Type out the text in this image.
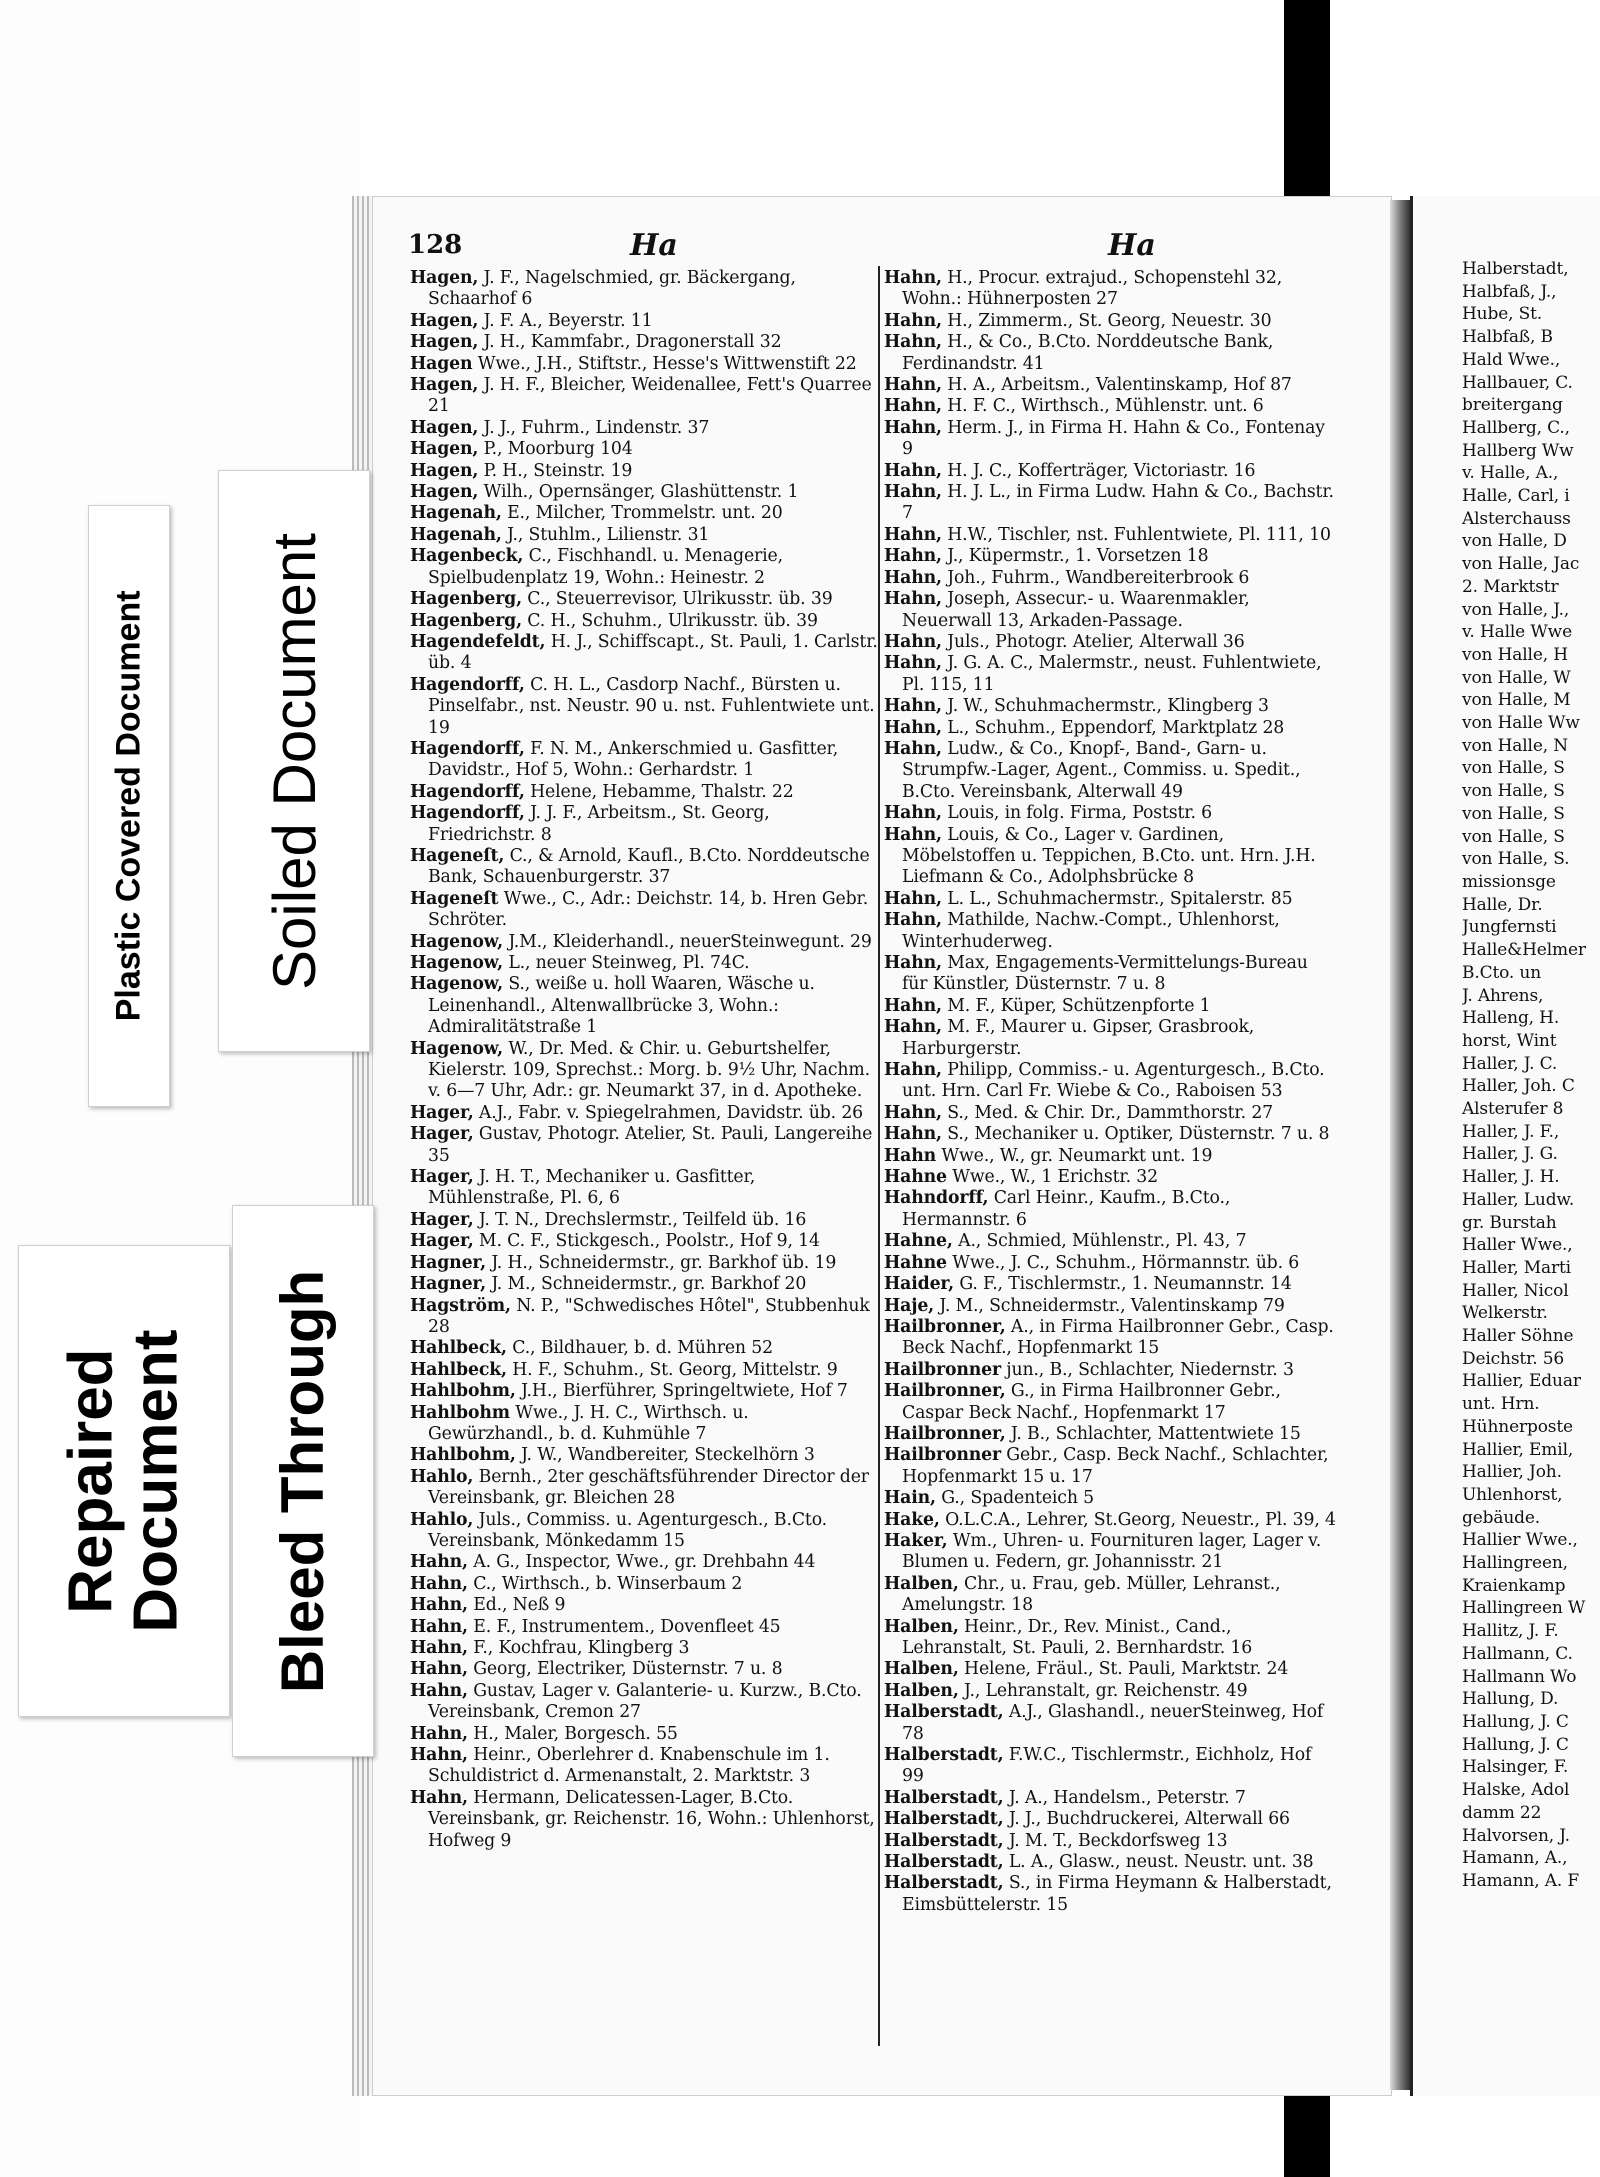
Plastic Covered Document Soiled Document
Repaired
Document Bleed Through
128	Ha	Ha
Hagen, J. F., Nagelschmied, gr. Bäckergang, Schaarhof 6
Hagen, J. F. A., Beyerstr. 11
Hagen, J. H., Kammfabr., Dragonerstall 32
Hagen Wwe., J.H., Stiftstr., Hesse's Wittwenstift 22
Hagen, J. H. F., Bleicher, Weidenallee, Fett's Quarree 21
Hagen, J. J., Fuhrm., Lindenstr. 37
Hagen, P., Moorburg 104
Hagen, P. H., Steinstr. 19
Hagen, Wilh., Opernsänger, Glashüttenstr. 1
Hagenah, E., Milcher, Trommelstr. unt. 20
Hagenah, J., Stuhlm., Lilienstr. 31
Hagenbeck, C., Fischhandl. u. Menagerie, Spielbudenplatz 19, Wohn.: Heinestr. 2
Hagenberg, C., Steuerrevisor, Ulrikusstr. üb. 39
Hagenberg, C. H., Schuhm., Ulrikusstr. üb. 39
Hagendefeldt, H. J., Schiffscapt., St. Pauli, 1. Carlstr. üb. 4
Hagendorff, C. H. L., Casdorp Nachf., Bürsten u. Pinselfabr., nst. Neustr. 90 u. nst. Fuhlentwiete unt. 19
Hagendorff, F. N. M., Ankerschmied u. Gasfitter, Davidstr., Hof 5, Wohn.: Gerhardstr. 1
Hagendorff, Helene, Hebamme, Thalstr. 22
Hagendorff, J. J. F., Arbeitsm., St. Georg, Friedrichstr. 8
Hageneſt, C., & Arnold, Kaufl., B.Cto. Norddeutsche Bank, Schauenburgerstr. 37
Hageneſt Wwe., C., Adr.: Deichstr. 14, b. Hren Gebr. Schröter.
Hagenow, J.M., Kleiderhandl., neuerSteinwegunt. 29
Hagenow, L., neuer Steinweg, Pl. 74C.
Hagenow, S., weiße u. holl Waaren, Wäsche u. Leinenhandl., Altenwallbrücke 3, Wohn.: Admiralitätstraße 1
Hagenow, W., Dr. Med. & Chir. u. Geburtshelfer, Kielerstr. 109, Sprechst.: Morg. b. 9½ Uhr, Nachm. v. 6—7 Uhr, Adr.: gr. Neumarkt 37, in d. Apotheke.
Hager, A.J., Fabr. v. Spiegelrahmen, Davidstr. üb. 26
Hager, Gustav, Photogr. Atelier, St. Pauli, Langereihe 35
Hager, J. H. T., Mechaniker u. Gasfitter, Mühlenstraße, Pl. 6, 6
Hager, J. T. N., Drechslermstr., Teilfeld üb. 16
Hager, M. C. F., Stickgesch., Poolstr., Hof 9, 14
Hagner, J. H., Schneidermstr., gr. Barkhof üb. 19
Hagner, J. M., Schneidermstr., gr. Barkhof 20
Hagström, N. P., "Schwedisches Hôtel", Stubbenhuk 28
Hahlbeck, C., Bildhauer, b. d. Mühren 52
Hahlbeck, H. F., Schuhm., St. Georg, Mittelstr. 9
Hahlbohm, J.H., Bierführer, Springeltwiete, Hof 7
Hahlbohm Wwe., J. H. C., Wirthsch. u. Gewürzhandl., b. d. Kuhmühle 7
Hahlbohm, J. W., Wandbereiter, Steckelhörn 3
Hahlo, Bernh., 2ter geschäftsführender Director der Vereinsbank, gr. Bleichen 28
Hahlo, Juls., Commiss. u. Agenturgesch., B.Cto. Vereinsbank, Mönkedamm 15
Hahn, A. G., Inspector, Wwe., gr. Drehbahn 44
Hahn, C., Wirthsch., b. Winserbaum 2
Hahn, Ed., Neß 9
Hahn, E. F., Instrumentem., Dovenfleet 45
Hahn, F., Kochfrau, Klingberg 3
Hahn, Georg, Electriker, Düsternstr. 7 u. 8
Hahn, Gustav, Lager v. Galanterie- u. Kurzw., B.Cto. Vereinsbank, Cremon 27
Hahn, H., Maler, Borgesch. 55
Hahn, Heinr., Oberlehrer d. Knabenschule im 1. Schuldistrict d. Armenanstalt, 2. Marktstr. 3
Hahn, Hermann, Delicatessen-Lager, B.Cto. Vereinsbank, gr. Reichenstr. 16, Wohn.: Uhlenhorst, Hofweg 9
Hahn, H., Procur. extrajud., Schopenstehl 32, Wohn.: Hühnerposten 27
Hahn, H., Zimmerm., St. Georg, Neuestr. 30
Hahn, H., & Co., B.Cto. Norddeutsche Bank, Ferdinandstr. 41
Hahn, H. A., Arbeitsm., Valentinskamp, Hof 87
Hahn, H. F. C., Wirthsch., Mühlenstr. unt. 6
Hahn, Herm. J., in Firma H. Hahn & Co., Fontenay 9
Hahn, H. J. C., Kofferträger, Victoriastr. 16
Hahn, H. J. L., in Firma Ludw. Hahn & Co., Bachstr. 7
Hahn, H.W., Tischler, nst. Fuhlentwiete, Pl. 111, 10
Hahn, J., Küpermstr., 1. Vorsetzen 18
Hahn, Joh., Fuhrm., Wandbereiterbrook 6
Hahn, Joseph, Assecur.- u. Waarenmakler, Neuerwall 13, Arkaden-Passage.
Hahn, Juls., Photogr. Atelier, Alterwall 36
Hahn, J. G. A. C., Malermstr., neust. Fuhlentwiete, Pl. 115, 11
Hahn, J. W., Schuhmachermstr., Klingberg 3
Hahn, L., Schuhm., Eppendorf, Marktplatz 28
Hahn, Ludw., & Co., Knopf-, Band-, Garn- u. Strumpfw.-Lager, Agent., Commiss. u. Spedit., B.Cto. Vereinsbank, Alterwall 49
Hahn, Louis, in folg. Firma, Poststr. 6
Hahn, Louis, & Co., Lager v. Gardinen, Möbelstoffen u. Teppichen, B.Cto. unt. Hrn. J.H. Liefmann & Co., Adolphsbrücke 8
Hahn, L. L., Schuhmachermstr., Spitalerstr. 85
Hahn, Mathilde, Nachw.-Compt., Uhlenhorst, Winterhuderweg.
Hahn, Max, Engagements-Vermittelungs-Bureau für Künstler, Düsternstr. 7 u. 8
Hahn, M. F., Küper, Schützenpforte 1
Hahn, M. F., Maurer u. Gipser, Grasbrook, Harburgerstr.
Hahn, Philipp, Commiss.- u. Agenturgesch., B.Cto. unt. Hrn. Carl Fr. Wiebe & Co., Raboisen 53
Hahn, S., Med. & Chir. Dr., Dammthorstr. 27
Hahn, S., Mechaniker u. Optiker, Düsternstr. 7 u. 8
Hahn Wwe., W., gr. Neumarkt unt. 19
Hahne Wwe., W., 1 Erichstr. 32
Hahndorff, Carl Heinr., Kaufm., B.Cto., Hermannstr. 6
Hahne, A., Schmied, Mühlenstr., Pl. 43, 7
Hahne Wwe., J. C., Schuhm., Hörmannstr. üb. 6
Haider, G. F., Tischlermstr., 1. Neumannstr. 14
Haje, J. M., Schneidermstr., Valentinskamp 79
Hailbronner, A., in Firma Hailbronner Gebr., Casp. Beck Nachf., Hopfenmarkt 15
Hailbronner jun., B., Schlachter, Niedernstr. 3
Hailbronner, G., in Firma Hailbronner Gebr., Caspar Beck Nachf., Hopfenmarkt 17
Hailbronner, J. B., Schlachter, Mattentwiete 15
Hailbronner Gebr., Casp. Beck Nachf., Schlachter, Hopfenmarkt 15 u. 17
Hain, G., Spadenteich 5
Hake, O.L.C.A., Lehrer, St.Georg, Neuestr., Pl. 39, 4
Haker, Wm., Uhren- u. Fournituren lager, Lager v. Blumen u. Federn, gr. Johannisstr. 21
Halben, Chr., u. Frau, geb. Müller, Lehranst., Amelungstr. 18
Halben, Heinr., Dr., Rev. Minist., Cand., Lehranstalt, St. Pauli, 2. Bernhardstr. 16
Halben, Helene, Fräul., St. Pauli, Marktstr. 24
Halben, J., Lehranstalt, gr. Reichenstr. 49
Halberstadt, A.J., Glashandl., neuerSteinweg, Hof 78
Halberstadt, F.W.C., Tischlermstr., Eichholz, Hof 99
Halberstadt, J. A., Handelsm., Peterstr. 7
Halberstadt, J. J., Buchdruckerei, Alterwall 66
Halberstadt, J. M. T., Beckdorfsweg 13
Halberstadt, L. A., Glasw., neust. Neustr. unt. 38
Halberstadt, S., in Firma Heymann & Halberstadt, Eimsbüttelerstr. 15
Halberstadt,
Halbfaß, J.,
Hube, St.
Halbfaß, B
Hald Wwe.,
Hallbauer, C.
breitergang
Hallberg, C.,
Hallberg Ww
v. Halle, A.,
Halle, Carl, i
Alsterchauss
von Halle, D
von Halle, Jac
2. Marktstr
von Halle, J.,
v. Halle Wwe
von Halle, H
von Halle, W
von Halle, M
von Halle Ww
von Halle, N
von Halle, S
von Halle, S
von Halle, S
von Halle, S
von Halle, S.
missionsge
Halle, Dr.
Jungfernsti
Halle&Helmer
B.Cto. un
J. Ahrens,
Halleng, H.
horst, Wint
Haller, J. C.
Haller, Joh. C
Alsterufer 8
Haller, J. F.,
Haller, J. G.
Haller, J. H.
Haller, Ludw.
gr. Burstah
Haller Wwe.,
Haller, Marti
Haller, Nicol
Welkerstr.
Haller Söhne
Deichstr. 56
Hallier, Eduar
unt. Hrn.
Hühnerposte
Hallier, Emil,
Hallier, Joh.
Uhlenhorst,
gebäude.
Hallier Wwe.,
Hallingreen,
Kraienkamp
Hallingreen W
Hallitz, J. F.
Hallmann, C.
Hallmann Wo
Hallung, D.
Hallung, J. C
Hallung, J. C
Halsinger, F.
Halske, Adol
damm 22
Halvorsen, J.
Hamann, A.,
Hamann, A. F
